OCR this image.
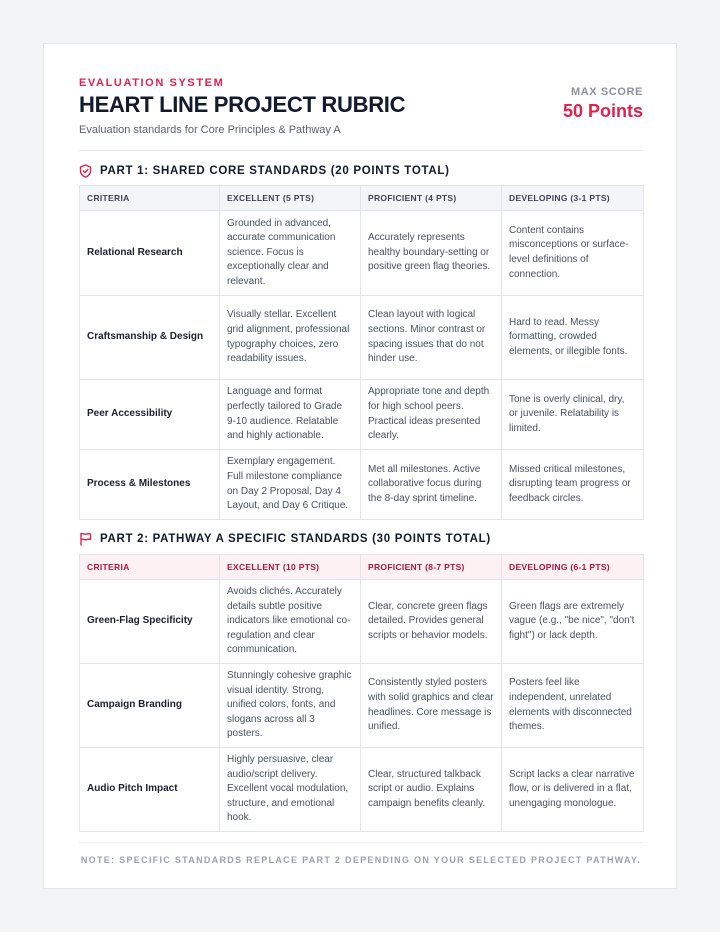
EVALUATION SYSTEM
HEART LINE PROJECT RUBRIC
Evaluation standards for Core Principles & Pathway A
MAX SCORE
50 Points
PART 1: SHARED CORE STANDARDS (20 POINTS TOTAL)
CRITERIA	EXCELLENT (5 PTS)	PROFICIENT (4 PTS)	DEVELOPING (3-1 PTS)
Relational Research	Grounded in advanced, accurate communication science. Focus is exceptionally clear and relevant.	Accurately represents healthy boundary-setting or positive green flag theories.	Content contains misconceptions or surface-level definitions of connection.
Craftsmanship & Design	Visually stellar. Excellent grid alignment, professional typography choices, zero readability issues.	Clean layout with logical sections. Minor contrast or spacing issues that do not hinder use.	Hard to read. Messy formatting, crowded elements, or illegible fonts.
Peer Accessibility	Language and format perfectly tailored to Grade 9-10 audience. Relatable and highly actionable.	Appropriate tone and depth for high school peers. Practical ideas presented clearly.	Tone is overly clinical, dry, or juvenile. Relatability is limited.
Process & Milestones	Exemplary engagement. Full milestone compliance on Day 2 Proposal, Day 4 Layout, and Day 6 Critique.	Met all milestones. Active collaborative focus during the 8-day sprint timeline.	Missed critical milestones, disrupting team progress or feedback circles.
PART 2: PATHWAY A SPECIFIC STANDARDS (30 POINTS TOTAL)
CRITERIA	EXCELLENT (10 PTS)	PROFICIENT (8-7 PTS)	DEVELOPING (6-1 PTS)
Green-Flag Specificity	Avoids clichés. Accurately details subtle positive indicators like emotional co-regulation and clear communication.	Clear, concrete green flags detailed. Provides general scripts or behavior models.	Green flags are extremely vague (e.g., "be nice", "don't fight") or lack depth.
Campaign Branding	Stunningly cohesive graphic visual identity. Strong, unified colors, fonts, and slogans across all 3 posters.	Consistently styled posters with solid graphics and clear headlines. Core message is unified.	Posters feel like independent, unrelated elements with disconnected themes.
Audio Pitch Impact	Highly persuasive, clear audio/script delivery. Excellent vocal modulation, structure, and emotional hook.	Clear, structured talkback script or audio. Explains campaign benefits cleanly.	Script lacks a clear narrative flow, or is delivered in a flat, unengaging monologue.
NOTE: SPECIFIC STANDARDS REPLACE PART 2 DEPENDING ON YOUR SELECTED PROJECT PATHWAY.
